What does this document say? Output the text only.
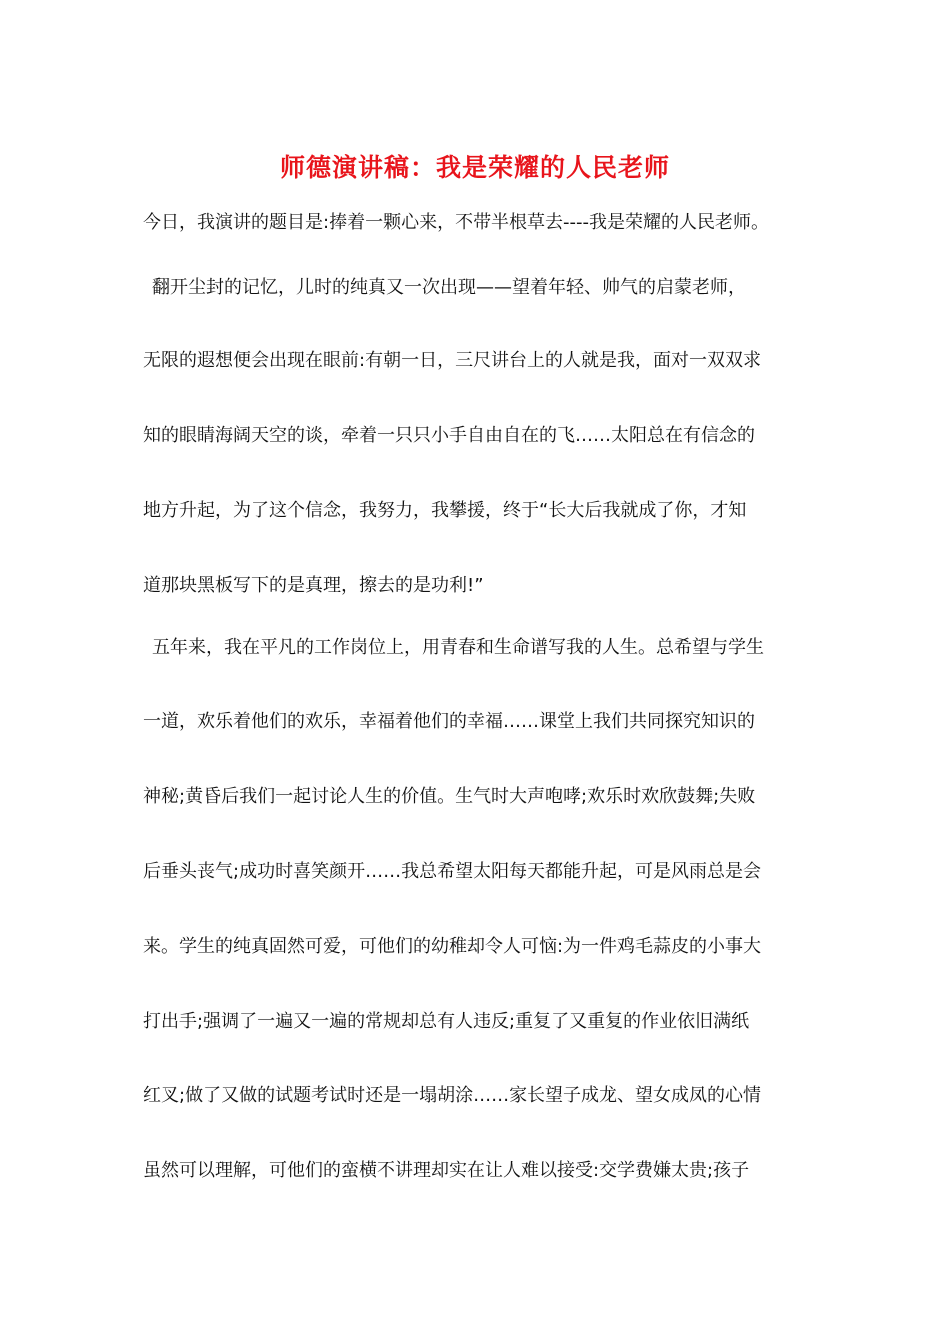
师德演讲稿：我是荣耀的人民老师
今日，我演讲的题目是:捧着一颗心来，不带半根草去----我是荣耀的人民老师。
翻开尘封的记忆，儿时的纯真又一次出现——望着年轻、帅气的启蒙老师，
无限的遐想便会出现在眼前:有朝一日，三尺讲台上的人就是我，面对一双双求
知的眼睛海阔天空的谈，牵着一只只小手自由自在的飞……太阳总在有信念的
地方升起，为了这个信念，我努力，我攀援，终于“长大后我就成了你，才知
道那块黑板写下的是真理，擦去的是功利!”
五年来，我在平凡的工作岗位上，用青春和生命谱写我的人生。总希望与学生
一道，欢乐着他们的欢乐，幸福着他们的幸福……课堂上我们共同探究知识的
神秘;黄昏后我们一起讨论人生的价值。生气时大声咆哮;欢乐时欢欣鼓舞;失败
后垂头丧气;成功时喜笑颜开……我总希望太阳每天都能升起，可是风雨总是会
来。学生的纯真固然可爱，可他们的幼稚却令人可恼:为一件鸡毛蒜皮的小事大
打出手;强调了一遍又一遍的常规却总有人违反;重复了又重复的作业依旧满纸
红叉;做了又做的试题考试时还是一塌胡涂……家长望子成龙、望女成凤的心情
虽然可以理解，可他们的蛮横不讲理却实在让人难以接受:交学费嫌太贵;孩子
